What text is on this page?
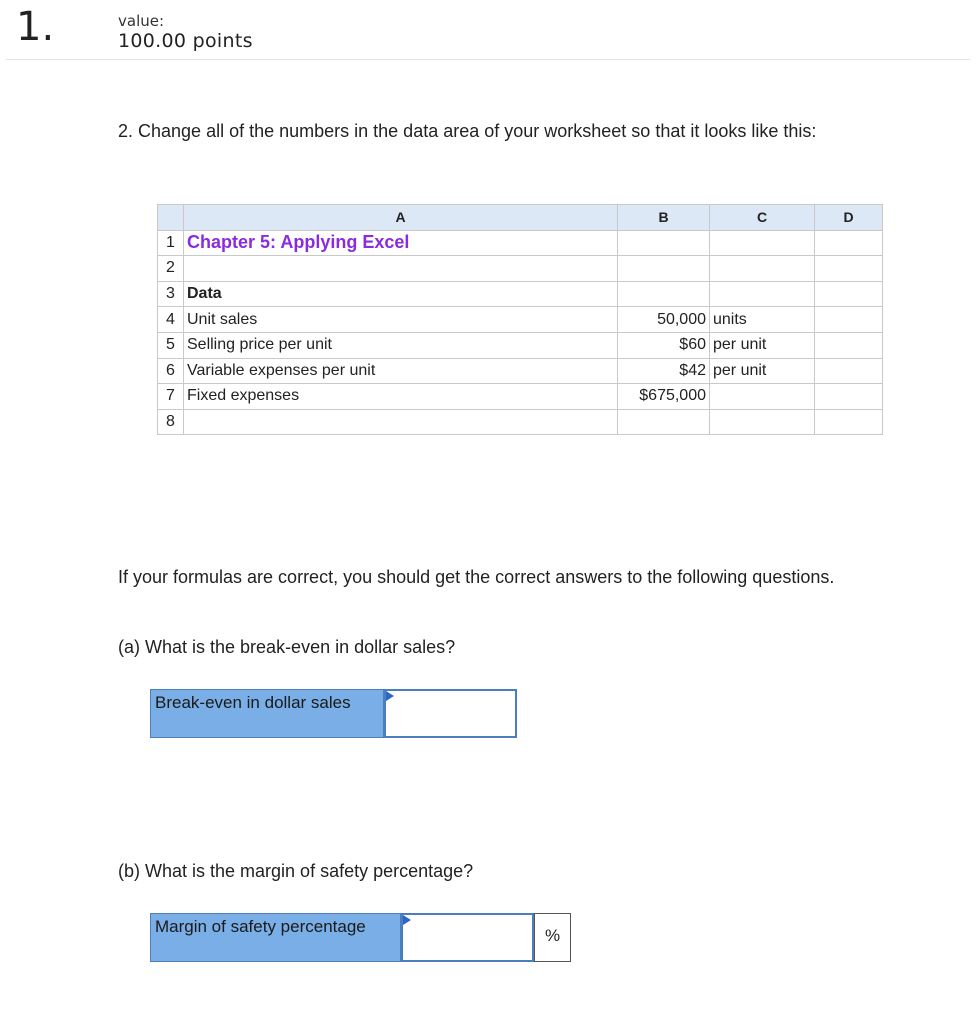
1.	value:
100.00 points
2. Change all of the numbers in the data area of your worksheet so that it looks like this:
	A	B	C	D
1	Chapter 5: Applying Excel			
2				
3	Data			
4	Unit sales	50,000	units	
5	Selling price per unit	$60	per unit	
6	Variable expenses per unit	$42	per unit	
7	Fixed expenses	$675,000		
8				
If your formulas are correct, you should get the correct answers to the following questions.
(a) What is the break-even in dollar sales?
Break-even in dollar sales
(b) What is the margin of safety percentage?
Margin of safety percentage	%
